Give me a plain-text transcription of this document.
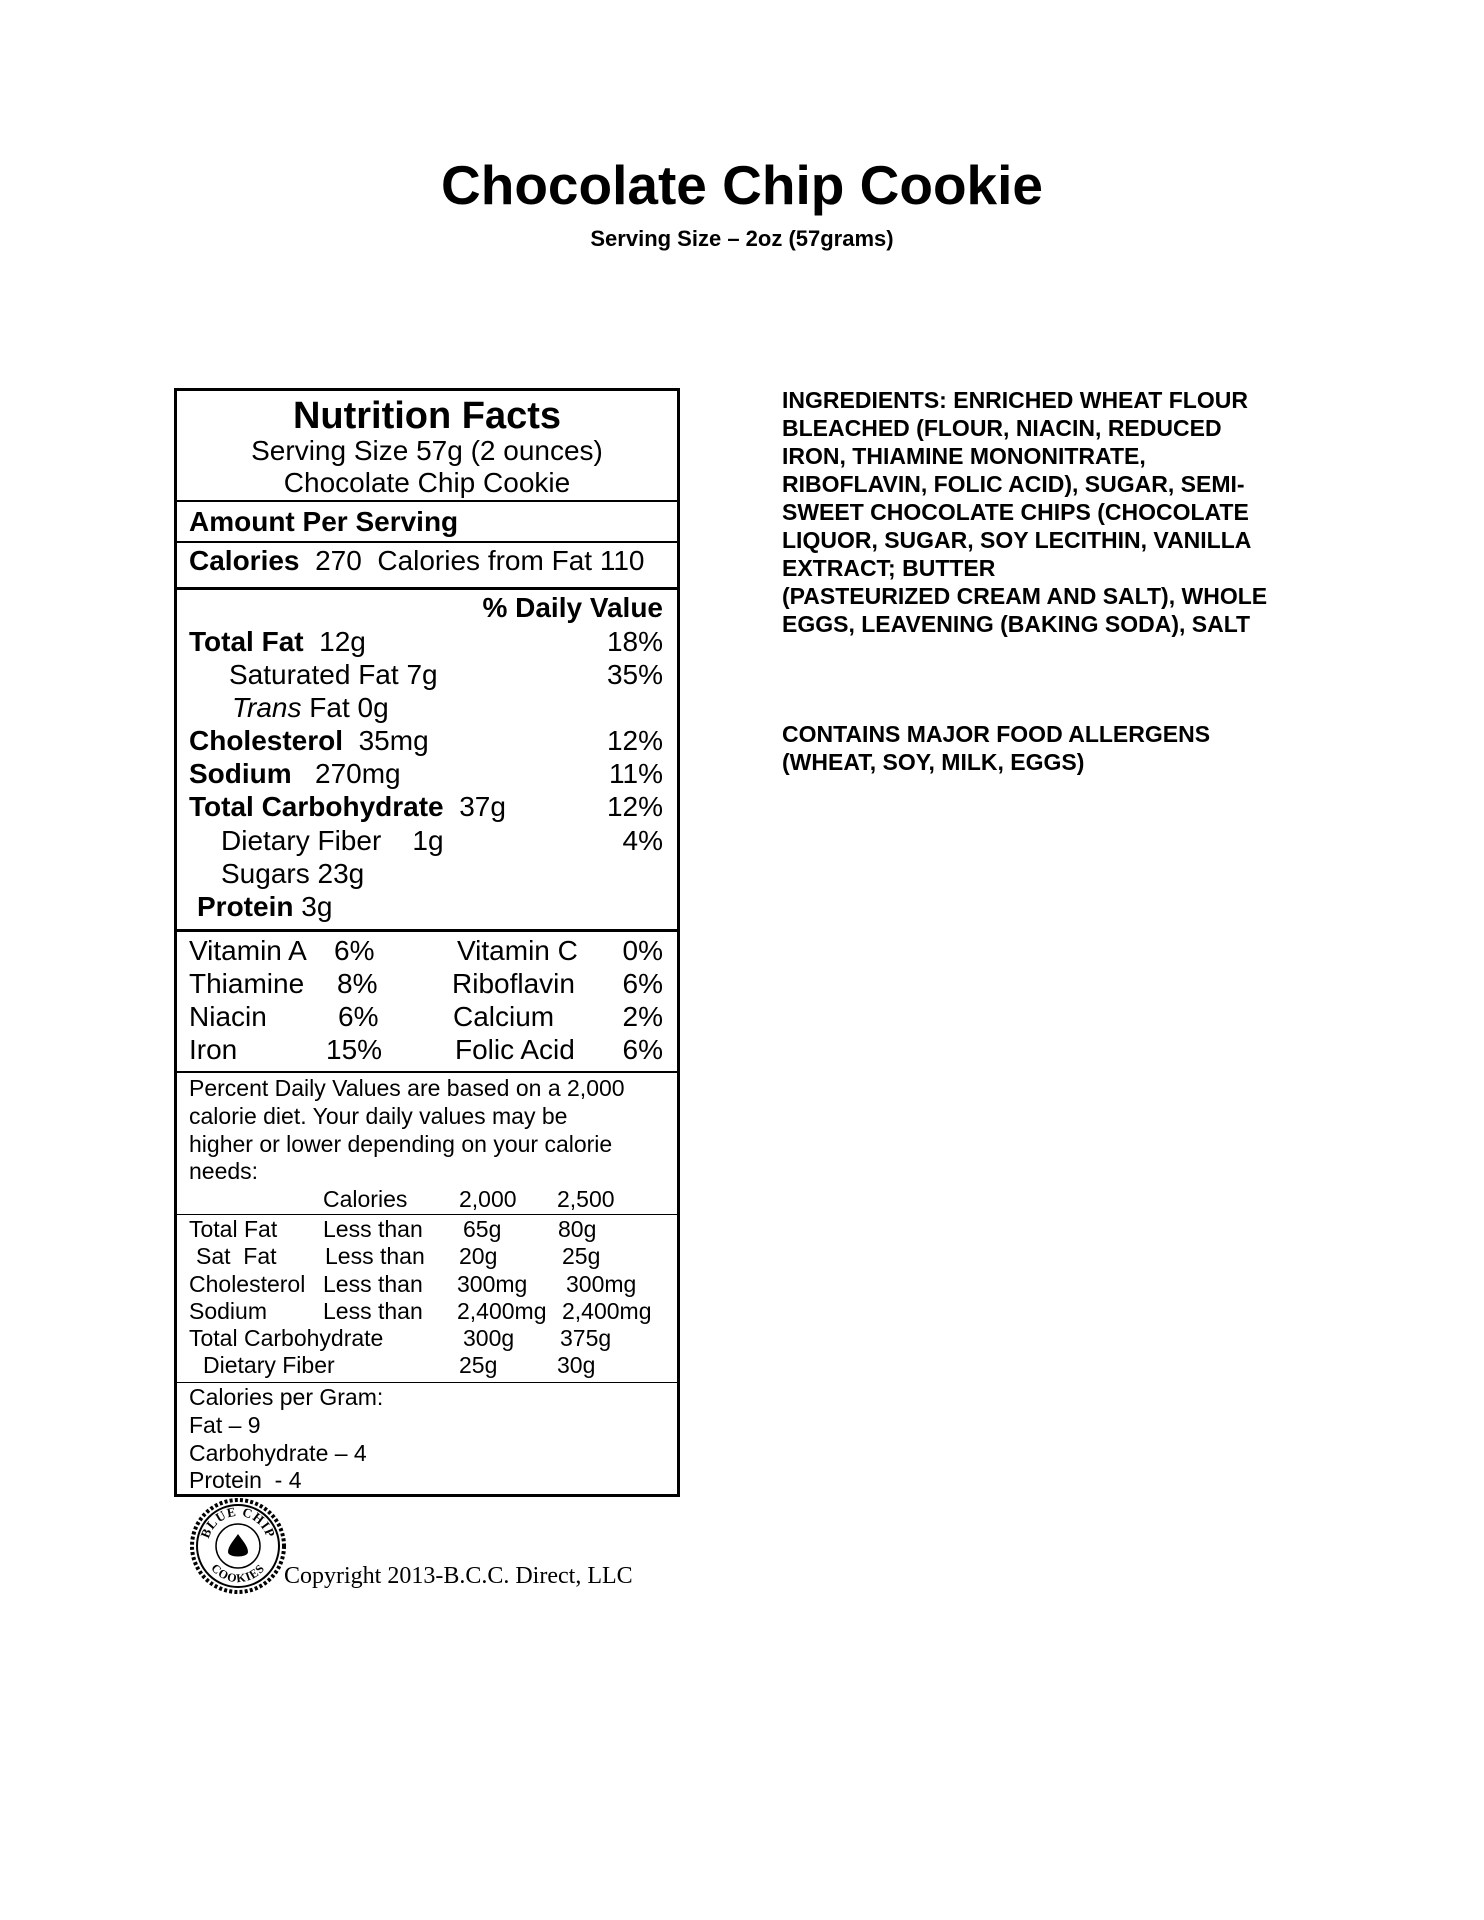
Chocolate Chip Cookie
Serving Size – 2oz (57grams)
Nutrition Facts
Serving Size 57g (2 ounces)
Chocolate Chip Cookie
Amount Per Serving
Calories 270 Calories from Fat 110
% Daily Value
Total Fat 12g	18%
Saturated Fat 7g	35%
Trans Fat 0g
Cholesterol 35mg	12%
Sodium 270mg	11%
Total Carbohydrate 37g	12%
Dietary Fiber 1g	4%
Sugars 23g
Protein 3g
Vitamin A 6%	Vitamin C 0%
Thiamine 8%	Riboflavin 6%
Niacin	6%	Calcium 2%
Iron	15%	Folic Acid 6%
Percent Daily Values are based on a 2,000
calorie diet. Your daily values may be
higher or lower depending on your calorie
needs:
Calories 2,000 2,500
Total Fat Less than 65g 80g
Sat  Fat Less than 20g	25g
Cholesterol Less than 300mg 300mg
Sodium Less than 2,400mg 2,400mg
Total Carbohydrate	300g 375g
Dietary Fiber	25g	30g
Calories per Gram:
Fat – 9
Carbohydrate – 4
Protein  - 4
INGREDIENTS: ENRICHED WHEAT FLOUR
BLEACHED (FLOUR, NIACIN, REDUCED
IRON, THIAMINE MONONITRATE,
RIBOFLAVIN, FOLIC ACID), SUGAR, SEMI-
SWEET CHOCOLATE CHIPS (CHOCOLATE
LIQUOR, SUGAR, SOY LECITHIN, VANILLA
EXTRACT; BUTTER
(PASTEURIZED CREAM AND SALT), WHOLE
EGGS, LEAVENING (BAKING SODA), SALT
CONTAINS MAJOR FOOD ALLERGENS
(WHEAT, SOY, MILK, EGGS)
BLUE CHIP
COOKIES Copyright 2013-B.C.C. Direct, LLC
